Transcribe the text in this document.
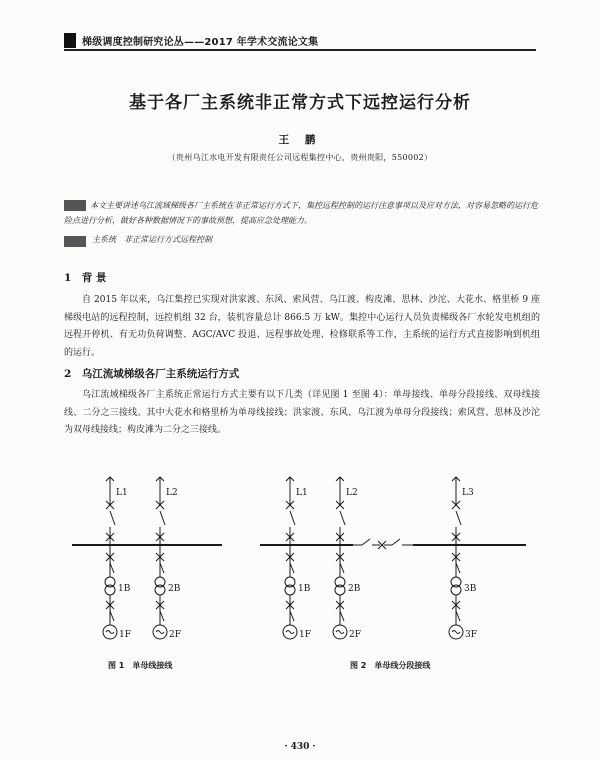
梯级调度控制研究论丛——2017 年学术交流论文集
基于各厂主系统非正常方式下远控运行分析
王 鹏
（贵州乌江水电开发有限责任公司远程集控中心，贵州贵阳，550002）
本文主要讲述乌江流域梯级各厂主系统在非正常运行方式下，集控远程控制的运行注意事项以及应对方法，对容易忽略的运行危险点进行分析，做好各种数据情况下的事故预想，提高应急处理能力。
主系统　非正常运行方式远程控制
1　背 景
自 2015 年以来，乌江集控已实现对洪家渡、东风、索风营、乌江渡、构皮滩、思林、沙沱、大花水、格里桥 9 座梯级电站的远程控制，远控机组 32 台，装机容量总计 866.5 万 kW。集控中心运行人员负责梯级各厂水轮发电机组的远程开停机、有无功负荷调整、AGC/AVC 投退、远程事故处理、检修联系等工作，主系统的运行方式直接影响到机组的运行。
2　乌江流域梯级各厂主系统运行方式
乌江流域梯级各厂主系统正常运行方式主要有以下几类（详见图 1 至图 4）：单母接线、单母分段接线、双母线接线、二分之三接线。其中大花水和格里桥为单母线接线；洪家渡、东风、乌江渡为单母分段接线；索风营、思林及沙沱为双母线接线；构皮滩为二分之三接线。
L1	L2
1B	2B
1F	2F
图 1　单母线接线
L1	L2	L3
1B	2B	3B
1F	2F	3F
图 2　单母线分段接线
· 430 ·
